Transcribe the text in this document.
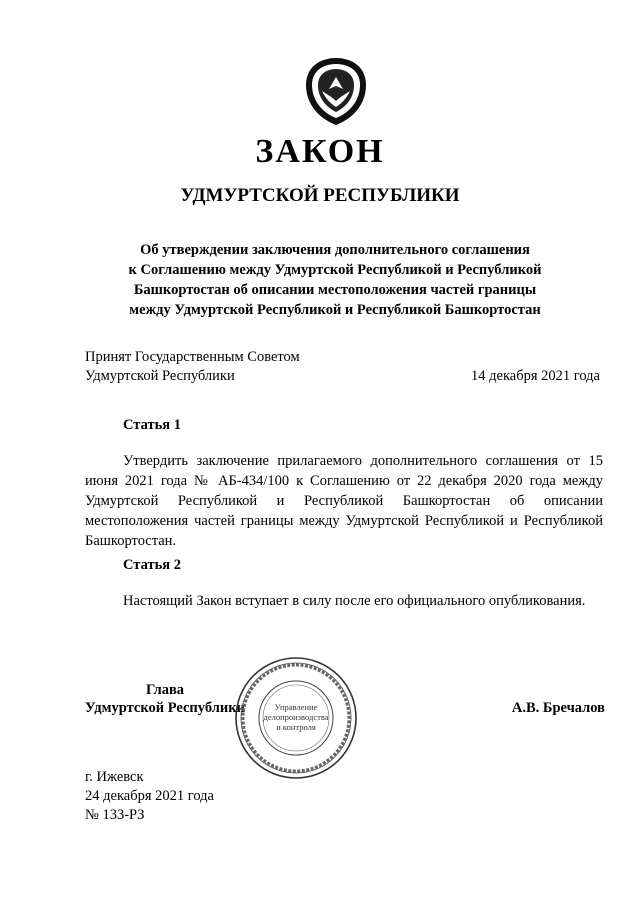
ЗАКОН
УДМУРТСКОЙ РЕСПУБЛИКИ
Об утверждении заключения дополнительного соглашения
к Соглашению между Удмуртской Республикой и Республикой
Башкортостан об описании местоположения частей границы
между Удмуртской Республикой и Республикой Башкортостан
Принят Государственным Советом
Удмуртской Республики	14 декабря 2021 года
Статья 1
Утвердить заключение прилагаемого дополнительного соглашения от 15 июня 2021 года № АБ-434/100 к Соглашению от 22 декабря 2020 года между Удмуртской Республикой и Республикой Башкортостан об описании местоположения частей границы между Удмуртской Республикой и Республикой Башкортостан.
Статья 2
Настоящий Закон вступает в силу после его официального опубликования.
Глава
Удмуртской Республики	А.В. Бречалов
Управление
делопроизводства
и контроля
г. Ижевск
24 декабря 2021 года
№ 133-РЗ
